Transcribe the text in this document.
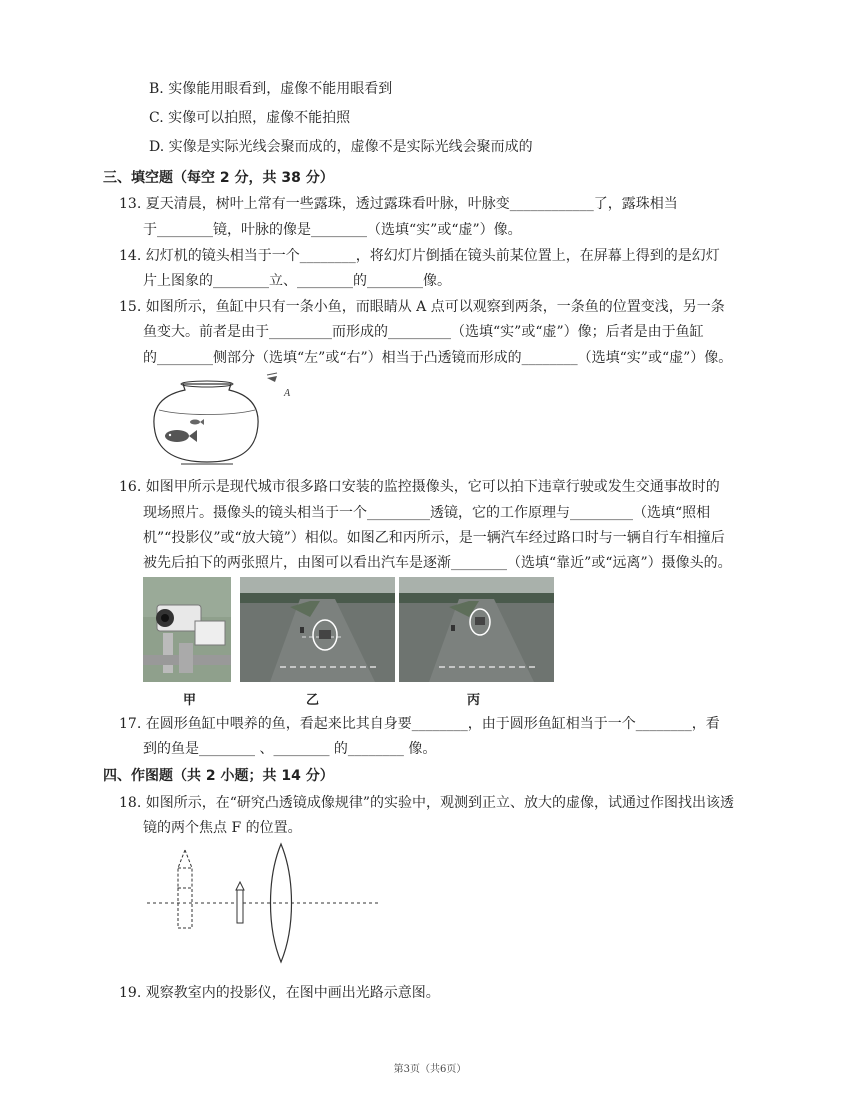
B. 实像能用眼看到，虚像不能用眼看到
C. 实像可以拍照，虚像不能拍照
D. 实像是实际光线会聚而成的，虚像不是实际光线会聚而成的
三、填空题（每空 2 分，共 38 分）
13. 夏天清晨，树叶上常有一些露珠，透过露珠看叶脉，叶脉变____________了，露珠相当
于________镜，叶脉的像是________（选填“实”或“虚”）像。
14. 幻灯机的镜头相当于一个________，将幻灯片倒插在镜头前某位置上，在屏幕上得到的是幻灯
片上图象的________立、________的________像。
15. 如图所示，鱼缸中只有一条小鱼，而眼睛从 A 点可以观察到两条，一条鱼的位置变浅，另一条
鱼变大。前者是由于_________而形成的_________（选填“实”或“虚”）像；后者是由于鱼缸
的________侧部分（选填“左”或“右”）相当于凸透镜而形成的________（选填“实”或“虚”）像。
A
16. 如图甲所示是现代城市很多路口安装的监控摄像头，它可以拍下违章行驶或发生交通事故时的
现场照片。摄像头的镜头相当于一个_________透镜，它的工作原理与_________（选填“照相
机”“投影仪”或“放大镜”）相似。如图乙和丙所示，是一辆汽车经过路口时与一辆自行车相撞后
被先后拍下的两张照片，由图可以看出汽车是逐渐________（选填“靠近”或“远离”）摄像头的。
甲	乙	丙
17. 在圆形鱼缸中喂养的鱼，看起来比其自身要________，由于圆形鱼缸相当于一个________，看
到的鱼是________ 、________ 的________ 像。
四、作图题（共 2 小题；共 14 分）
18. 如图所示，在“研究凸透镜成像规律”的实验中，观测到正立、放大的虚像，试通过作图找出该透
镜的两个焦点 F 的位置。
19. 观察教室内的投影仪，在图中画出光路示意图。
第3页（共6页）
